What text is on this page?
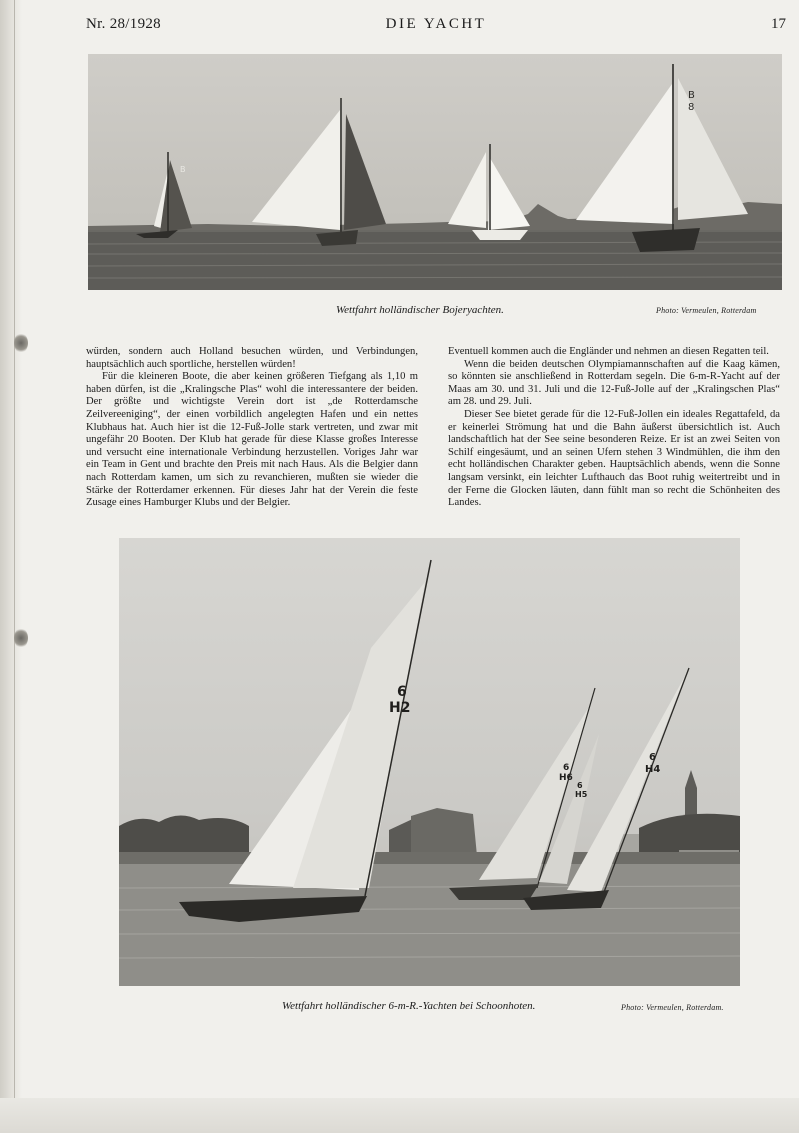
Nr. 28/1928	DIE YACHT	17
B
8
B
Wettfahrt holländischer Bojeryachten.	Photo: Vermeulen, Rotterdam

würden, sondern auch Holland besuchen würden, und Verbindungen, hauptsächlich auch sportliche, herstellen würden!

Für die kleineren Boote, die aber keinen größeren Tiefgang als 1,10 m haben dürfen, ist die „Kralingsche Plas“ wohl die interessantere der beiden. Der größte und wichtigste Verein dort ist „de Rotterdamsche Zeilvereeniging“, der einen vorbildlich angelegten Hafen und ein nettes Klubhaus hat. Auch hier ist die 12-Fuß-Jolle stark vertreten, und zwar mit ungefähr 20 Booten. Der Klub hat gerade für diese Klasse großes Interesse und versucht eine internationale Verbindung herzustellen. Voriges Jahr war ein Team in Gent und brachte den Preis mit nach Haus. Als die Belgier dann nach Rotterdam kamen, um sich zu revanchieren, mußten sie wieder die Stärke der Rotterdamer erkennen. Für dieses Jahr hat der Verein die feste Zusage eines Hamburger Klubs und der Belgier.

Eventuell kommen auch die Engländer und nehmen an diesen Regatten teil.

Wenn die beiden deutschen Olympiamannschaften auf die Kaag kämen, so könnten sie anschließend in Rotterdam segeln. Die 6-m-R-Yacht auf der Maas am 30. und 31. Juli und die 12-Fuß-Jolle auf der „Kralingschen Plas“ am 28. und 29. Juli.

Dieser See bietet gerade für die 12-Fuß-Jollen ein ideales Regattafeld, da er keinerlei Strömung hat und die Bahn äußerst übersichtlich ist. Auch landschaftlich hat der See seine besonderen Reize. Er ist an zwei Seiten von Schilf eingesäumt, und an seinen Ufern stehen 3 Windmühlen, die ihm den echt holländischen Charakter geben. Hauptsächlich abends, wenn die Sonne langsam versinkt, ein leichter Lufthauch das Boot ruhig weitertreibt und in der Ferne die Glocken läuten, dann fühlt man so recht die Schönheiten des Landes.

6
H2
6
H6
6
H5
6
H4
Wettfahrt holländischer 6-m-R.-Yachten bei Schoonhoten.	Photo: Vermeulen, Rotterdam.
